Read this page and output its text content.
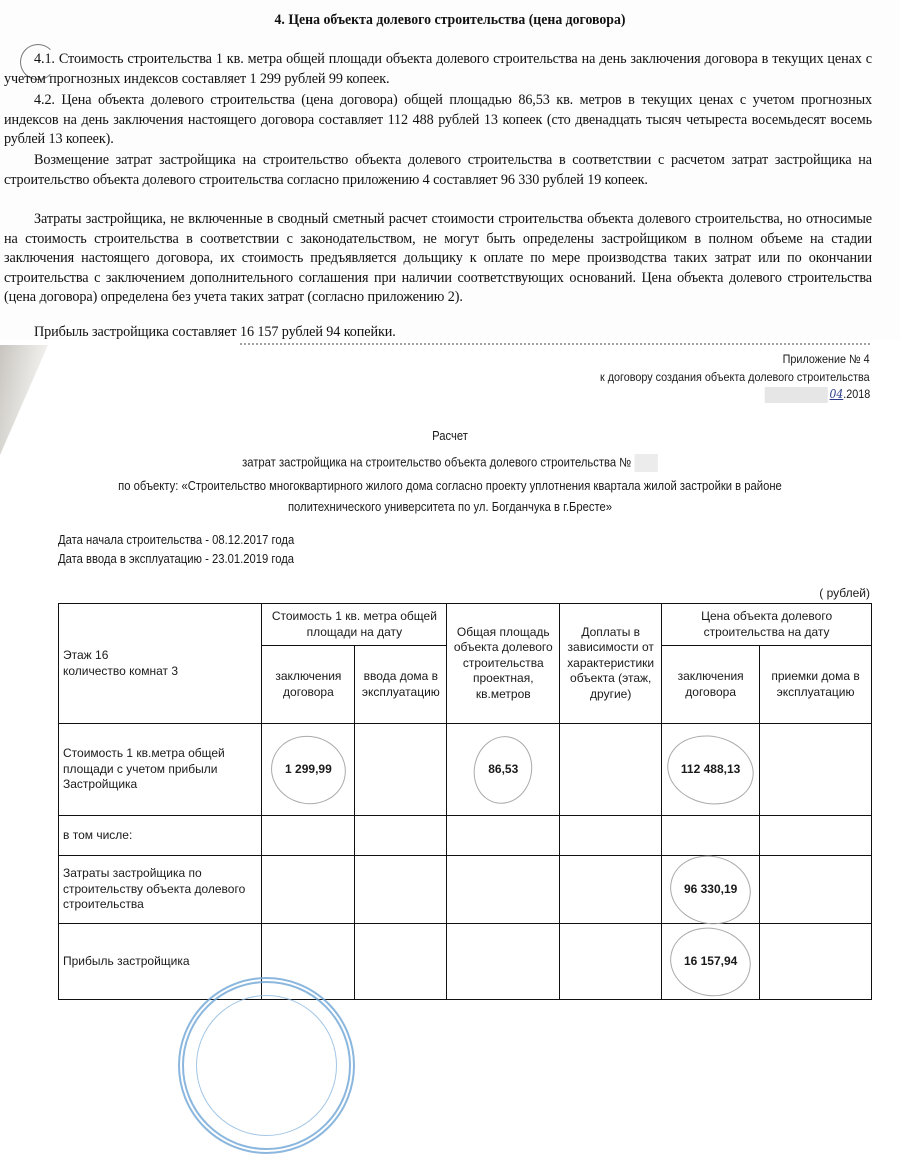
4. Цена объекта долевого строительства (цена договора)
4.1. Стоимость строительства 1 кв. метра общей площади объекта долевого строительства на день заключения договора в текущих ценах с учетом прогнозных индексов составляет 1 299 рублей 99 копеек.
4.2. Цена объекта долевого строительства (цена договора) общей площадью 86,53 кв. метров в текущих ценах с учетом прогнозных индексов на день заключения настоящего договора составляет 112 488 рублей 13 копеек (сто двенадцать тысяч четыреста восемьдесят восемь рублей 13 копеек).
Возмещение затрат застройщика на строительство объекта долевого строительства в соответствии с расчетом затрат застройщика на строительство объекта долевого строительства согласно приложению 4 составляет 96 330 рублей 19 копеек.
Затраты застройщика, не включенные в сводный сметный расчет стоимости строительства объекта долевого строительства, но относимые на стоимость строительства в соответствии с законодательством, не могут быть определены застройщиком в полном объеме на стадии заключения настоящего договора, их стоимость предъявляется дольщику к оплате по мере производства таких затрат или по окончании строительства с заключением дополнительного соглашения при наличии соответствующих оснований. Цена объекта долевого строительства (цена договора) определена без учета таких затрат (согласно приложению 2).
Прибыль застройщика составляет 16 157 рублей 94 копейки.
Приложение № 4
к договору создания объекта долевого строительства
04.2018
Расчет
затрат застройщика на строительство объекта долевого строительства №
по объекту: «Строительство многоквартирного жилого дома согласно проекту уплотнения квартала жилой застройки в районе
политехнического университета по ул. Богданчука в г.Бресте»
Дата начала строительства - 08.12.2017 года
Дата ввода в эксплуатацию - 23.01.2019 года
( рублей)
Этаж 16
количество комнат 3	Стоимость 1 кв. метра общей площади на дату		Общая площадь объекта долевого строительства проектная, кв.метров	Доплаты в зависимости от характеристики объекта (этаж, другие)	Цена объекта долевого строительства на дату	
	заключения договора	ввода дома в эксплуатацию			заключения договора	приемки дома в эксплуатацию
Стоимость 1 кв.метра общей площади с учетом прибыли Застройщика	1 299,99		86,53		112 488,13	
в том числе:						
Затраты застройщика по строительству объекта долевого строительства					96 330,19	
Прибыль застройщика					16 157,94	
